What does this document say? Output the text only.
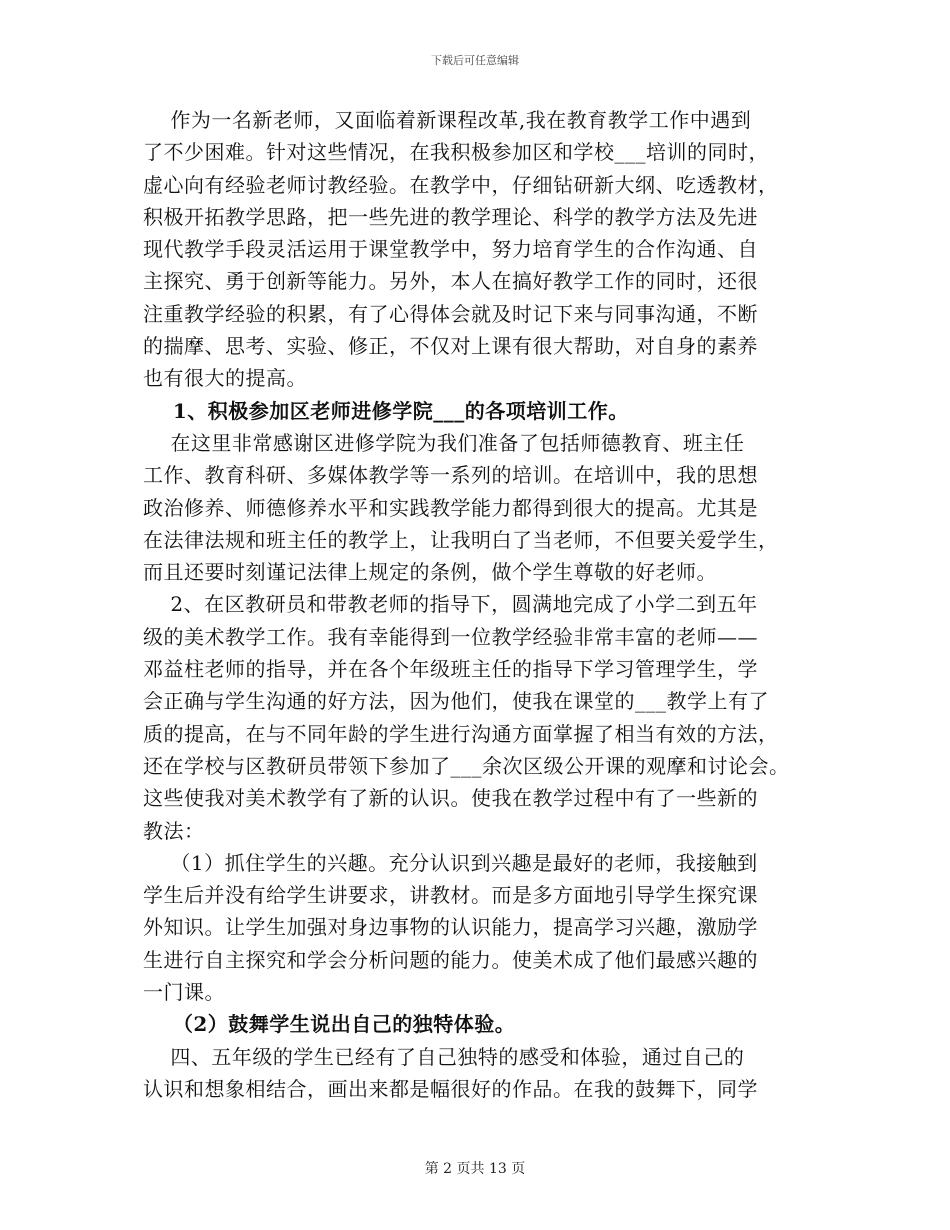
下载后可任意编辑
作为一名新老师，又面临着新课程改革,我在教育教学工作中遇到
了不少困难。针对这些情况，在我积极参加区和学校___培训的同时，
虚心向有经验老师讨教经验。在教学中，仔细钻研新大纲、吃透教材，
积极开拓教学思路，把一些先进的教学理论、科学的教学方法及先进
现代教学手段灵活运用于课堂教学中，努力培育学生的合作沟通、自
主探究、勇于创新等能力。另外，本人在搞好教学工作的同时，还很
注重教学经验的积累，有了心得体会就及时记下来与同事沟通，不断
的揣摩、思考、实验、修正，不仅对上课有很大帮助，对自身的素养
也有很大的提高。
1、积极参加区老师进修学院___的各项培训工作。
在这里非常感谢区进修学院为我们准备了包括师德教育、班主任
工作、教育科研、多媒体教学等一系列的培训。在培训中，我的思想
政治修养、师德修养水平和实践教学能力都得到很大的提高。尤其是
在法律法规和班主任的教学上，让我明白了当老师，不但要关爱学生，
而且还要时刻谨记法律上规定的条例，做个学生尊敬的好老师。
2、在区教研员和带教老师的指导下，圆满地完成了小学二到五年
级的美术教学工作。我有幸能得到一位教学经验非常丰富的老师——
邓益柱老师的指导，并在各个年级班主任的指导下学习管理学生，学
会正确与学生沟通的好方法，因为他们，使我在课堂的___教学上有了
质的提高，在与不同年龄的学生进行沟通方面掌握了相当有效的方法，
还在学校与区教研员带领下参加了___余次区级公开课的观摩和讨论会。
这些使我对美术教学有了新的认识。使我在教学过程中有了一些新的
教法：
（1）抓住学生的兴趣。充分认识到兴趣是最好的老师，我接触到
学生后并没有给学生讲要求，讲教材。而是多方面地引导学生探究课
外知识。让学生加强对身边事物的认识能力，提高学习兴趣，激励学
生进行自主探究和学会分析问题的能力。使美术成了他们最感兴趣的
一门课。
（2）鼓舞学生说出自己的独特体验。
四、五年级的学生已经有了自己独特的感受和体验，通过自己的
认识和想象相结合，画出来都是幅很好的作品。在我的鼓舞下，同学
第 2 页共 13 页
